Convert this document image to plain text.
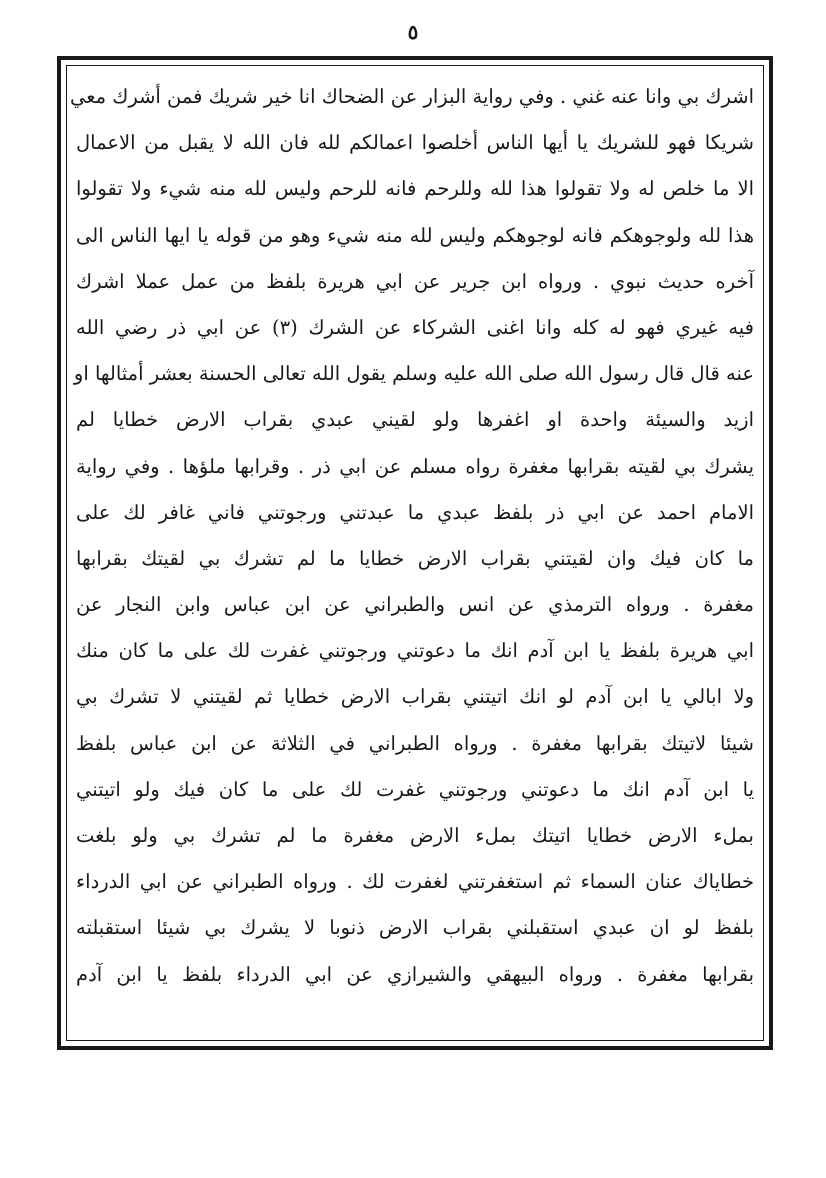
٥
اشرك بي وانا عنه غني . وفي رواية البزار عن الضحاك انا خير شريك فمن أشرك معي
شريكا فهو للشريك يا أيها الناس أخلصوا اعمالكم لله فان الله لا يقبل من الاعمال
الا ما خلص له ولا تقولوا هذا لله وللرحم فانه للرحم وليس لله منه شيء ولا تقولوا
هذا لله ولوجوهكم فانه لوجوهكم وليس لله منه شيء وهو من قوله يا ايها الناس الى
آخره حديث نبوي . ورواه ابن جرير عن ابي هريرة بلفظ من عمل عملا اشرك
فيه غيري فهو له كله وانا اغنى الشركاء عن الشرك (٣) عن ابي ذر رضي الله
عنه قال قال رسول الله صلى الله عليه وسلم يقول الله تعالى الحسنة بعشر أمثالها او
ازيد والسيئة واحدة او اغفرها ولو لقيني عبدي بقراب الارض خطايا لم
يشرك بي لقيته بقرابها مغفرة رواه مسلم عن ابي ذر . وقرابها ملؤها . وفي رواية
الامام احمد عن ابي ذر بلفظ عبدي ما عبدتني ورجوتني فاني غافر لك على
ما كان فيك وان لقيتني بقراب الارض خطايا ما لم تشرك بي لقيتك بقرابها
مغفرة . ورواه الترمذي عن انس والطبراني عن ابن عباس وابن النجار عن
ابي هريرة بلفظ يا ابن آدم انك ما دعوتني ورجوتني غفرت لك على ما كان منك
ولا ابالي يا ابن آدم لو انك اتيتني بقراب الارض خطايا ثم لقيتني لا تشرك بي
شيئا لاتيتك بقرابها مغفرة . ورواه الطبراني في الثلاثة عن ابن عباس بلفظ
يا ابن آدم انك ما دعوتني ورجوتني غفرت لك على ما كان فيك ولو اتيتني
بملء الارض خطايا اتيتك بملء الارض مغفرة ما لم تشرك بي ولو بلغت
خطاياك عنان السماء ثم استغفرتني لغفرت لك . ورواه الطبراني عن ابي الدرداء
بلفظ لو ان عبدي استقبلني بقراب الارض ذنوبا لا يشرك بي شيئا استقبلته
بقرابها مغفرة . ورواه البيهقي والشيرازي عن ابي الدرداء بلفظ يا ابن آدم
